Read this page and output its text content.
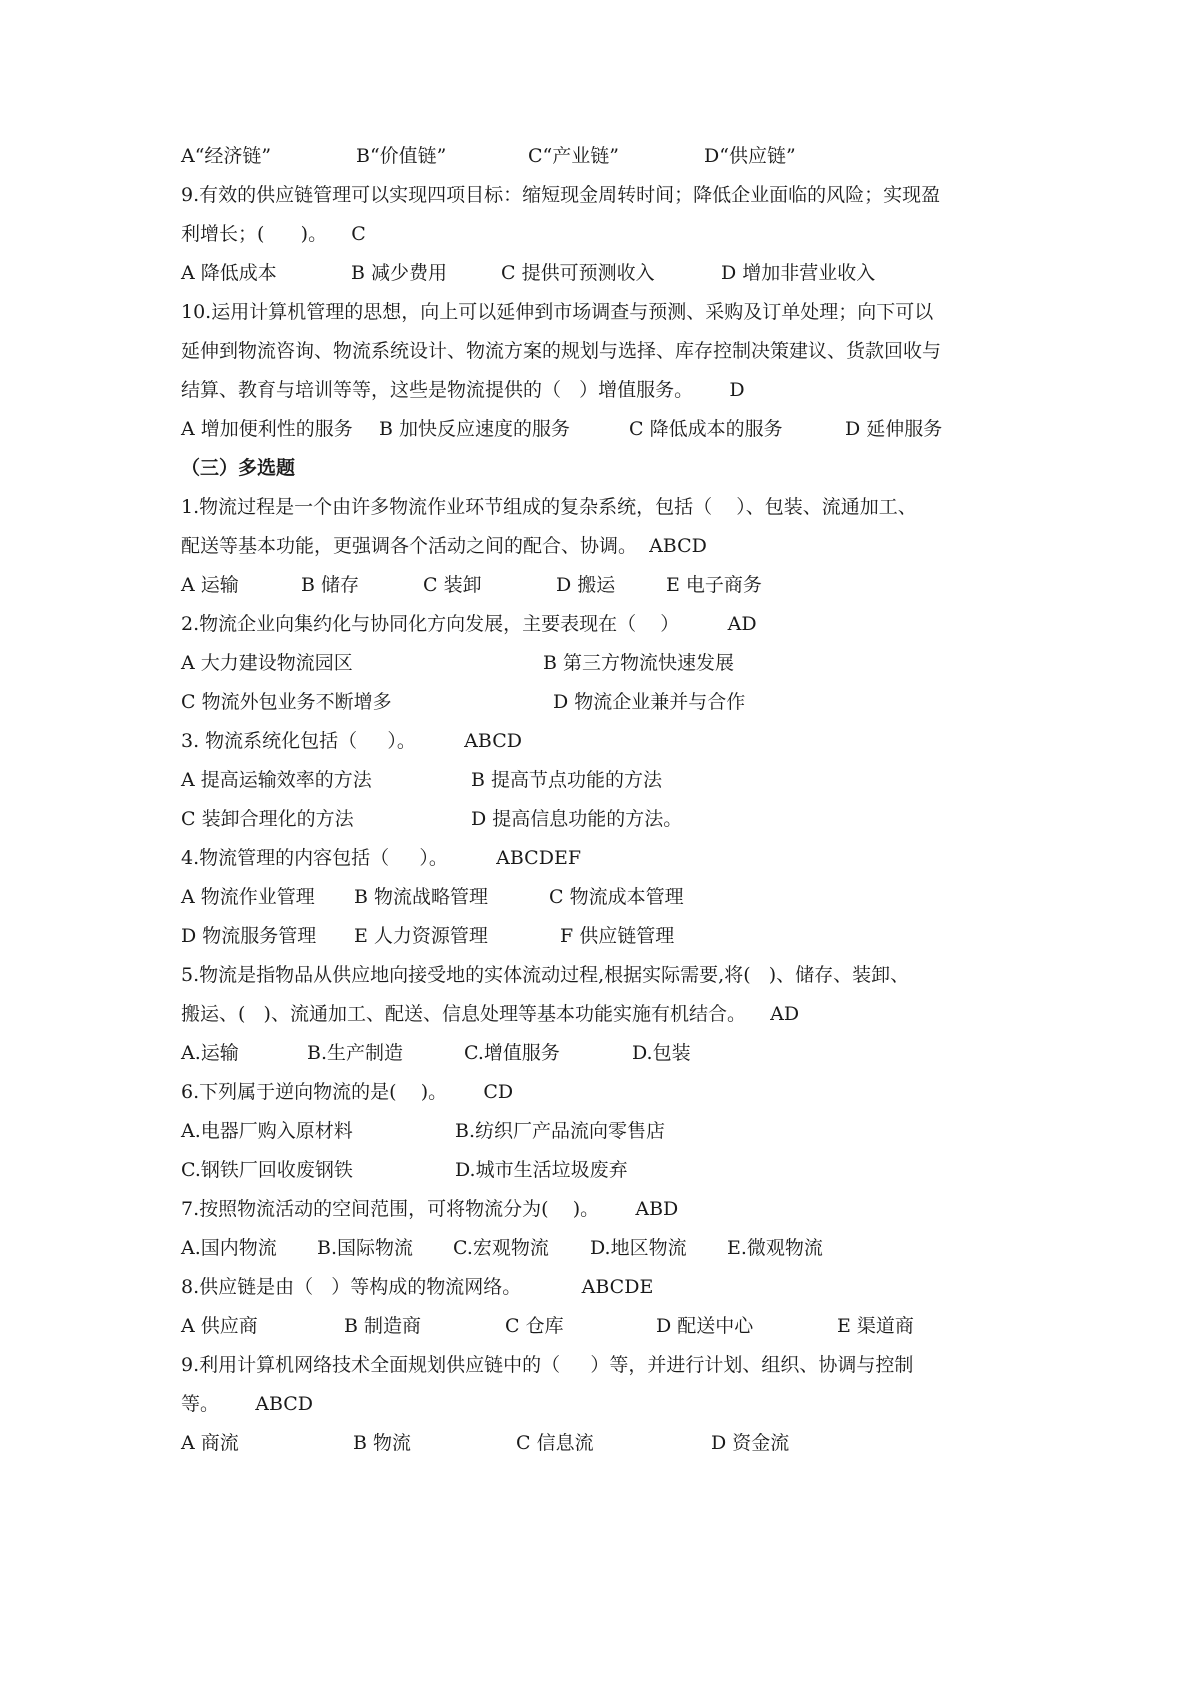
A“经济链”

	B“价值链”

	C“产业链”

	D“供应链”

9.有效的供应链管理可以实现四项目标：缩短现金周转时间；降低企业面临的风险；实现盈
利增长；(      )。    C

A 降低成本

	B 减少费用

	C 提供可预测收入

	D 增加非营业收入

10.运用计算机管理的思想，向上可以延伸到市场调查与预测、采购及订单处理；向下可以
延伸到物流咨询、物流系统设计、物流方案的规划与选择、库存控制决策建议、货款回收与
结算、教育与培训等等，这些是物流提供的（   ）增值服务。      D

A 增加便利性的服务

B 加快反应速度的服务

	C 降低成本的服务

	D 延伸服务

（三）多选题
1.物流过程是一个由许多物流作业环节组成的复杂系统，包括（    ）、包装、流通加工、
配送等基本功能，更强调各个活动之间的配合、协调。  ABCD

A 运输

	B 储存

	C 装卸

	D 搬运

	E 电子商务

2.物流企业向集约化与协同化方向发展，主要表现在（    ）        AD

A 大力建设物流园区

	B 第三方物流快速发展

C 物流外包业务不断增多

	D 物流企业兼并与合作

3. 物流系统化包括（     ）。        ABCD

A 提高运输效率的方法

	B 提高节点功能的方法

C 装卸合理化的方法

	D 提高信息功能的方法。

4.物流管理的内容包括（     ）。        ABCDEF

A 物流作业管理

B 物流战略管理

	C 物流成本管理

D 物流服务管理

E 人力资源管理

	F 供应链管理

5.物流是指物品从供应地向接受地的实体流动过程,根据实际需要,将(   )、储存、装卸、
搬运、(   )、流通加工、配送、信息处理等基本功能实施有机结合。    AD

A.运输

	B.生产制造

	C.增值服务

	D.包装

6.下列属于逆向物流的是(    )。      CD

A.电器厂购入原材料

	B.纺织厂产品流向零售店

C.钢铁厂回收废钢铁

	D.城市生活垃圾废弃

7.按照物流活动的空间范围，可将物流分为(    )。      ABD

A.国内物流

B.国际物流

C.宏观物流

D.地区物流

E.微观物流

8.供应链是由（   ）等构成的物流网络。          ABCDE

A 供应商

	B 制造商

	C 仓库

	D 配送中心

	E 渠道商

9.利用计算机网络技术全面规划供应链中的（     ）等，并进行计划、组织、协调与控制
等。      ABCD

A 商流

	B 物流

	C 信息流

	D 资金流
